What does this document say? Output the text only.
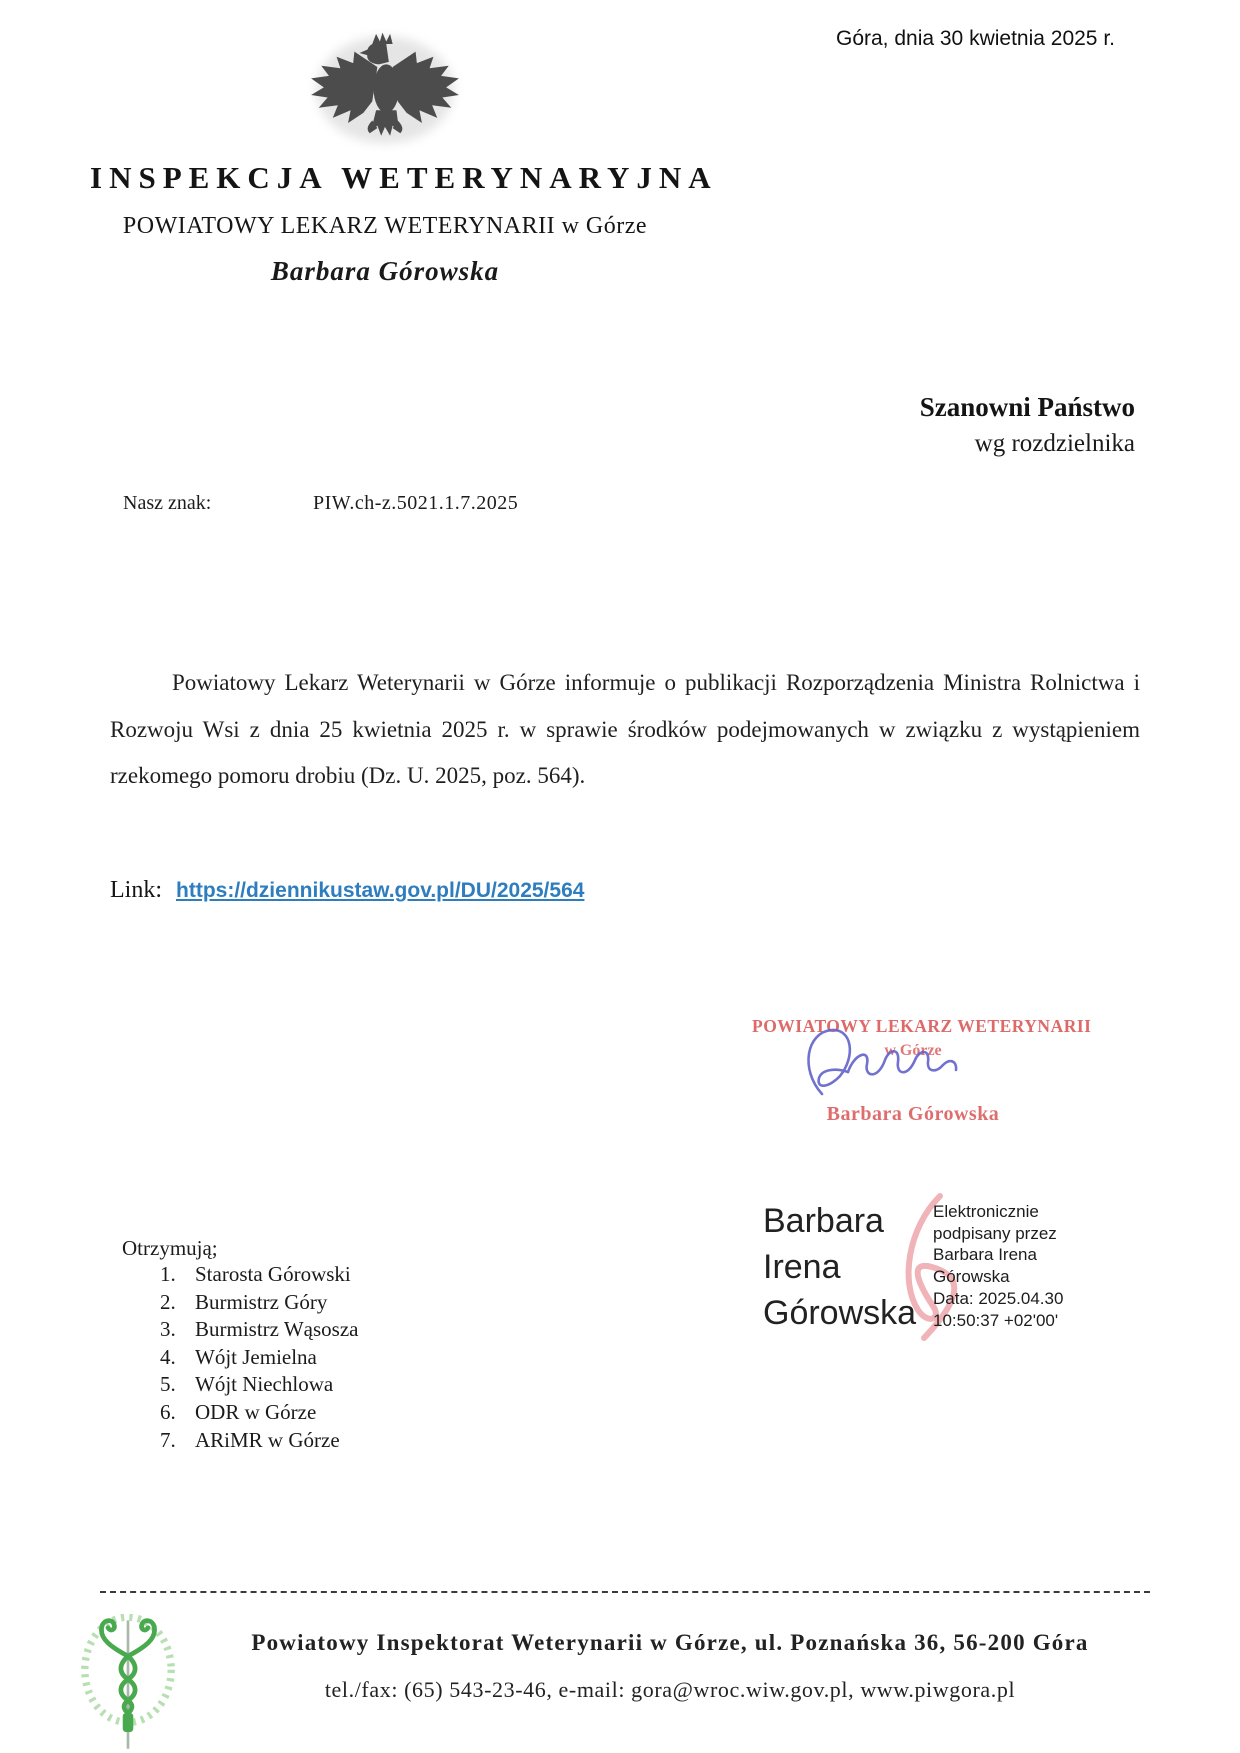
Góra, dnia 30 kwietnia 2025 r.
INSPEKCJA WETERYNARYJNA
POWIATOWY LEKARZ WETERYNARII w Górze
Barbara Górowska
Szanowni Państwo
wg rozdzielnika
Nasz znak:	PIW.ch-z.5021.1.7.2025

Powiatowy Lekarz Weterynarii w Górze informuje o publikacji Rozporządzenia Ministra Rolnictwa i Rozwoju Wsi z dnia 25 kwietnia 2025 r. w sprawie środków podejmowanych w związku z wystąpieniem rzekomego pomoru drobiu (Dz. U. 2025, poz. 564).

Link: https://dziennikustaw.gov.pl/DU/2025/564
POWIATOWY LEKARZ WETERYNARII
w Górze
Barbara Górowska
Barbara
Irena
Górowska
Elektronicznie
podpisany przez
Barbara Irena
Górowska
Data: 2025.04.30
10:50:37 +02'00'
Otrzymują;
1. Starosta Górowski
2. Burmistrz Góry
3. Burmistrz Wąsosza
4. Wójt Jemielna
5. Wójt Niechlowa
6. ODR w Górze
7. ARiMR w Górze
Powiatowy Inspektorat Weterynarii w Górze, ul. Poznańska 36, 56-200 Góra
tel./fax: (65) 543-23-46, e-mail: gora@wroc.wiw.gov.pl, www.piwgora.pl
